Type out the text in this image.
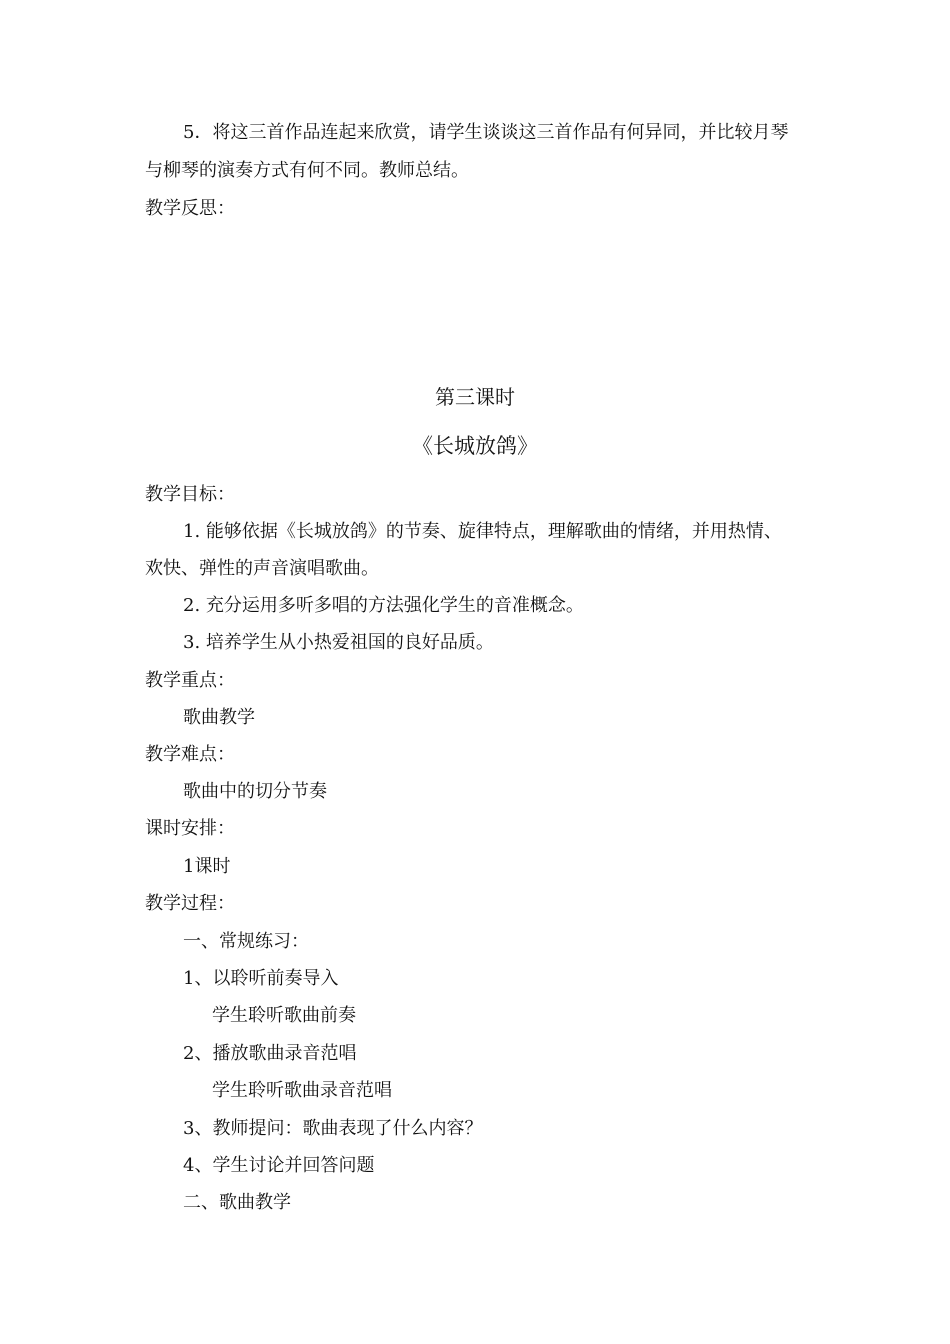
5．将这三首作品连起来欣赏，请学生谈谈这三首作品有何异同，并比较月琴
与柳琴的演奏方式有何不同。教师总结。
教学反思：
第三课时
《长城放鸽》
教学目标：
1. 能够依据《长城放鸽》的节奏、旋律特点，理解歌曲的情绪，并用热情、
欢快、弹性的声音演唱歌曲。
2. 充分运用多听多唱的方法强化学生的音准概念。
3. 培养学生从小热爱祖国的良好品质。
教学重点：
歌曲教学
教学难点：
歌曲中的切分节奏
课时安排：
1课时
教学过程：
一、常规练习：
1、以聆听前奏导入
学生聆听歌曲前奏
2、播放歌曲录音范唱
学生聆听歌曲录音范唱
3、教师提问：歌曲表现了什么内容？
4、学生讨论并回答问题
二、歌曲教学
